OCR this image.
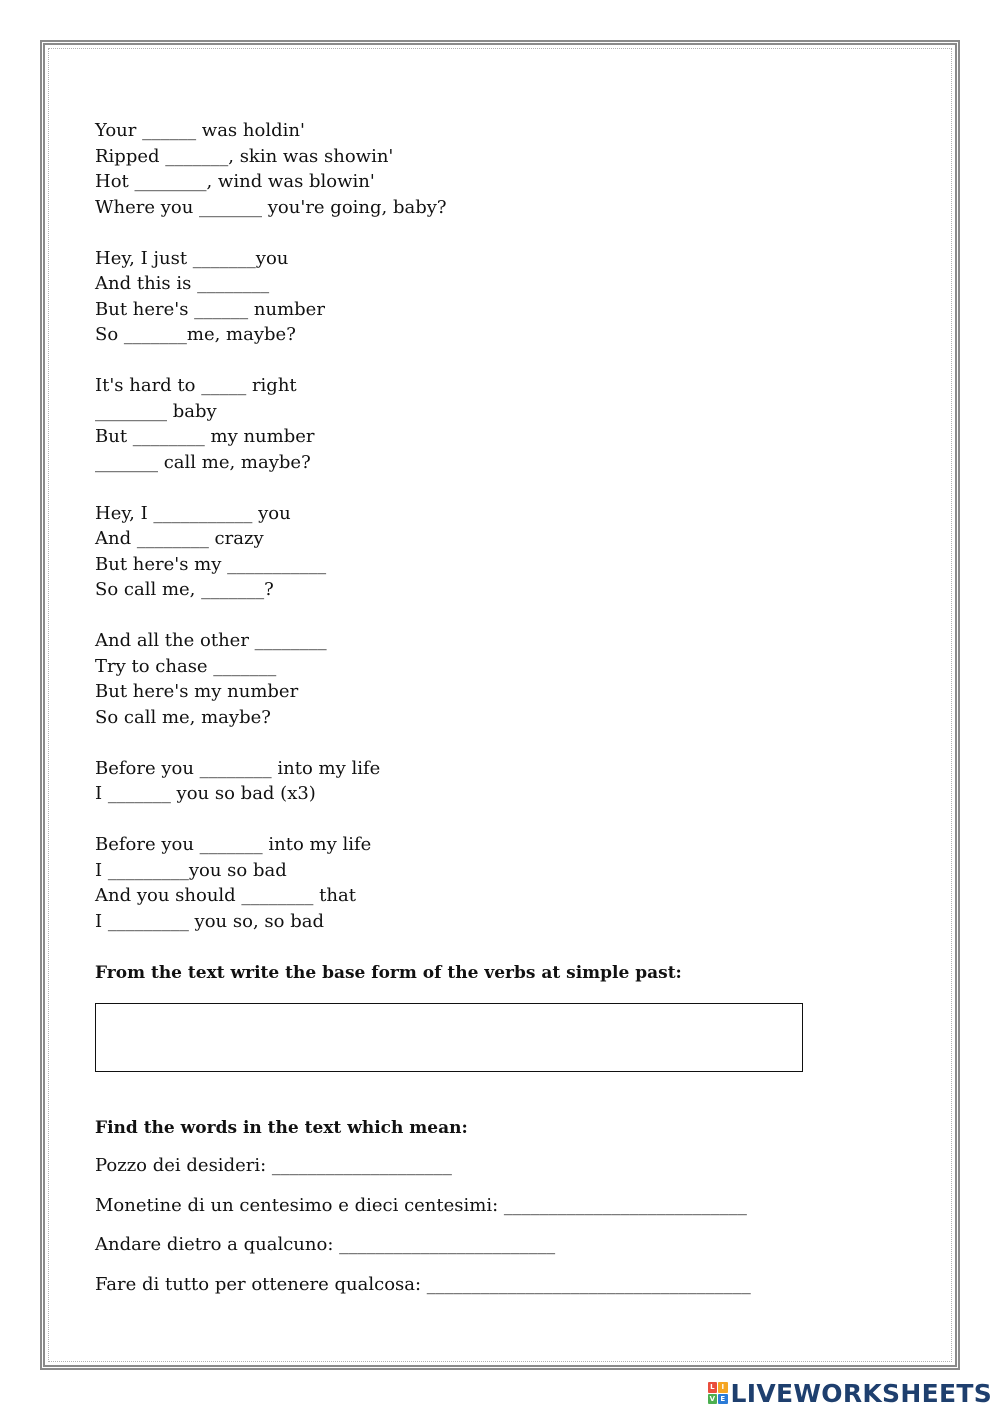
Your ______ was holdin'
Ripped _______, skin was showin'
Hot ________, wind was blowin'
Where you _______ you're going, baby?
Hey, I just _______you
And this is ________
But here's ______ number
So _______me, maybe?
It's hard to _____ right
________ baby
But ________ my number
_______ call me, maybe?
Hey, I ___________ you
And ________ crazy
But here's my ___________
So call me, _______?
And all the other ________
Try to chase _______
But here's my number
So call me, maybe?
Before you ________ into my life
I _______ you so bad (x3)
Before you _______ into my life
I _________you so bad
And you should ________ that
I _________ you so, so bad
From the text write the base form of the verbs at simple past:
Find the words in the text which mean:
Pozzo dei desideri: ____________________
Monetine di un centesimo e dieci centesimi: ___________________________
Andare dietro a qualcuno: ________________________
Fare di tutto per ottenere qualcosa: ____________________________________
L I
V E LIVEWORKSHEETS
